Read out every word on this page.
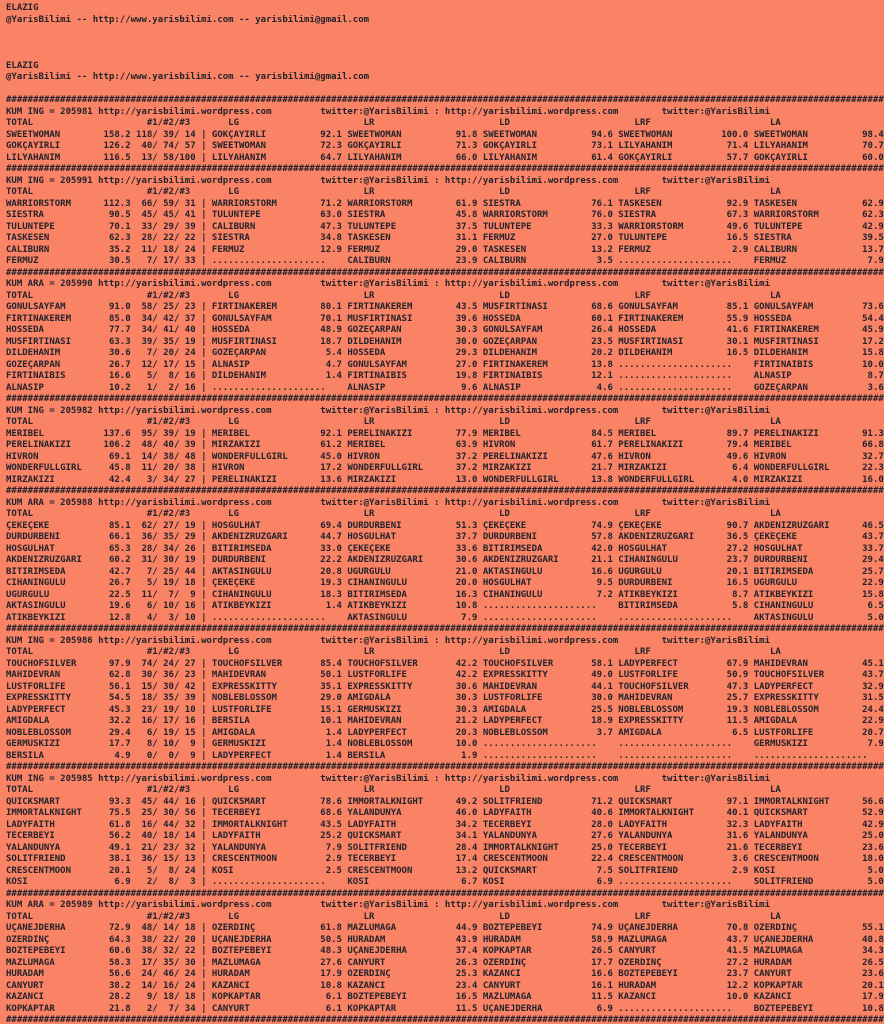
ELAZIG
@YarisBilimi -- http://www.yarisbilimi.com -- yarisbilimi@gmail.com
ELAZIG
@YarisBilimi -- http://www.yarisbilimi.com -- yarisbilimi@gmail.com
##################################################################################################################################################################
KUM ING = 205981 http://yarisbilimi.wordpress.com         twitter:@YarisBilimi : http://yarisbilimi.wordpress.com        twitter:@YarisBilimi
TOTAL                     #1/#2/#3       LG                       LR                       LD                       LRF                      LA
SWEETWOMAN        158.2 118/ 39/ 14 | GÖKÇAYIRLI          92.1 SWEETWOMAN          91.8 SWEETWOMAN          94.6 SWEETWOMAN         100.0 SWEETWOMAN          98.4
GÖKÇAYIRLI        126.2  40/ 74/ 57 | SWEETWOMAN          72.3 GÖKÇAYIRLI          71.3 GÖKÇAYIRLI          73.1 LILYAHANIM          71.4 LILYAHANIM          70.7
LILYAHANIM        116.5  13/ 58/100 | LILYAHANIM          64.7 LILYAHANIM          66.0 LILYAHANIM          61.4 GÖKÇAYIRLI          57.7 GÖKÇAYIRLI          60.0
##################################################################################################################################################################
KUM ING = 205991 http://yarisbilimi.wordpress.com         twitter:@YarisBilimi : http://yarisbilimi.wordpress.com        twitter:@YarisBilimi
TOTAL                     #1/#2/#3       LG                       LR                       LD                       LRF                      LA
WARRIORSTORM      112.3  66/ 59/ 31 | WARRIORSTORM        71.2 WARRIORSTORM        61.9 SIESTRA             76.1 TASKESEN            92.9 TASKESEN            62.9
SIESTRA            90.5  45/ 45/ 41 | TÜLÜNTEPE           63.0 SIESTRA             45.8 WARRIORSTORM        76.0 SIESTRA             67.3 WARRIORSTORM        62.3
TÜLÜNTEPE          70.1  33/ 29/ 39 | CALIBURN            47.3 TÜLÜNTEPE           37.5 TÜLÜNTEPE           33.3 WARRIORSTORM        49.6 TÜLÜNTEPE           42.9
TASKESEN           62.3  28/ 22/ 22 | SIESTRA             34.8 TASKESEN            31.1 FERMUZ              27.0 TÜLÜNTEPE           16.5 SIESTRA             39.5
CALIBURN           35.2  11/ 18/ 24 | FERMUZ              12.9 FERMUZ              29.0 TASKESEN            13.2 FERMUZ               2.9 CALIBURN            13.7
FERMUZ             30.5   7/ 17/ 33 | .....................    CALIBURN            23.9 CALIBURN             3.5 .....................    FERMUZ               7.9
##################################################################################################################################################################
KUM ARA = 205990 http://yarisbilimi.wordpress.com         twitter:@YarisBilimi : http://yarisbilimi.wordpress.com        twitter:@YarisBilimi
TOTAL                     #1/#2/#3       LG                       LR                       LD                       LRF                      LA
GÖNÜLSAYFAM        91.0  58/ 25/ 23 | FIRTINAKEREM        80.1 FIRTINAKEREM        43.5 MUSFIRTINASI        68.6 GÖNÜLSAYFAM         85.1 GÖNÜLSAYFAM         73.6
FIRTINAKEREM       85.0  34/ 42/ 37 | GÖNÜLSAYFAM         70.1 MUSFIRTINASI        39.6 HOSSEDA             60.1 FIRTINAKEREM        55.9 HOSSEDA             54.4
HOSSEDA            77.7  34/ 41/ 40 | HOSSEDA             48.9 GÖZEÇARPAN          30.3 GÖNÜLSAYFAM         26.4 HOSSEDA             41.6 FIRTINAKEREM        45.9
MUSFIRTINASI       63.3  39/ 35/ 19 | MUSFIRTINASI        18.7 DILDEHANIM          30.0 GÖZEÇARPAN          23.5 MUSFIRTINASI        30.1 MUSFIRTINASI        17.2
DILDEHANIM         30.6   7/ 20/ 24 | GÖZEÇARPAN           5.4 HOSSEDA             29.3 DILDEHANIM          20.2 DILDEHANIM          16.5 DILDEHANIM          15.8
GÖZEÇARPAN         26.7  12/ 17/ 15 | ALNASIP              4.7 GÖNÜLSAYFAM         27.0 FIRTINAKEREM        13.8 .....................    FIRTINAIBIS         10.0
FIRTINAIBIS        16.6   5/  8/ 16 | DILDEHANIM           1.4 FIRTINAIBIS         19.8 FIRTINAIBIS         12.1 .....................    ALNASIP              8.7
ALNASIP            10.2   1/  2/ 16 | .....................    ALNASIP              9.6 ALNASIP              4.6 .....................    GÖZEÇARPAN           3.6
##################################################################################################################################################################
KUM ING = 205982 http://yarisbilimi.wordpress.com         twitter:@YarisBilimi : http://yarisbilimi.wordpress.com        twitter:@YarisBilimi
TOTAL                     #1/#2/#3       LG                       LR                       LD                       LRF                      LA
MERIBEL           137.6  95/ 39/ 19 | MERIBEL             92.1 PERELINAKIZI        77.9 MERIBEL             84.5 MERIBEL             89.7 PERELINAKIZI        91.3
PERELINAKIZI      106.2  48/ 40/ 39 | MIRZAKIZI           61.2 MERIBEL             63.9 HIVRON              61.7 PERELINAKIZI        79.4 MERIBEL             66.8
HIVRON             69.1  14/ 38/ 48 | WONDERFULLGIRL      45.0 HIVRON              37.2 PERELINAKIZI        47.6 HIVRON              49.6 HIVRON              32.7
WONDERFULLGIRL     45.8  11/ 20/ 38 | HIVRON              17.2 WONDERFULLGIRL      37.2 MIRZAKIZI           21.7 MIRZAKIZI            6.4 WONDERFULLGIRL      22.3
MIRZAKIZI          42.4   3/ 34/ 27 | PERELINAKIZI        13.6 MIRZAKIZI           13.0 WONDERFULLGIRL      13.8 WONDERFULLGIRL       4.0 MIRZAKIZI           16.0
##################################################################################################################################################################
KUM ARA = 205988 http://yarisbilimi.wordpress.com         twitter:@YarisBilimi : http://yarisbilimi.wordpress.com        twitter:@YarisBilimi
TOTAL                     #1/#2/#3       LG                       LR                       LD                       LRF                      LA
ÇEKEÇEKE           85.1  62/ 27/ 19 | HOSGÜLHAT           69.4 DURDURBENI          51.3 ÇEKEÇEKE            74.9 ÇEKEÇEKE            90.7 AKDENIZRÜZGARI      46.5
DURDURBENI         66.1  36/ 35/ 29 | AKDENIZRÜZGARI      44.7 HOSGÜLHAT           37.7 DURDURBENI          57.8 AKDENIZRÜZGARI      36.5 ÇEKEÇEKE            43.7
HOSGÜLHAT          65.3  28/ 34/ 26 | BITIRIMSEDA         33.0 ÇEKEÇEKE            33.6 BITIRIMSEDA         42.0 HOSGÜLHAT           27.2 HOSGÜLHAT           33.7
AKDENIZRÜZGARI     60.2  31/ 30/ 19 | DURDURBENI          22.2 AKDENIZRÜZGARI      30.6 AKDENIZRÜZGARI      21.1 CIHANINGÜLÜ         23.7 DURDURBENI          29.4
BITIRIMSEDA        42.7   7/ 25/ 44 | AKTASINGÜLÜ         20.8 UGURGÜLÜ            21.0 AKTASINGÜLÜ         16.6 UGURGÜLÜ            20.1 BITIRIMSEDA         25.7
CIHANINGÜLÜ        26.7   5/ 19/ 18 | ÇEKEÇEKE            19.3 CIHANINGÜLÜ         20.0 HOSGÜLHAT            9.5 DURDURBENI          16.5 UGURGÜLÜ            22.9
UGURGÜLÜ           22.5  11/  7/  9 | CIHANINGÜLÜ         18.3 BITIRIMSEDA         16.3 CIHANINGÜLÜ          7.2 ATIKBEYKIZI          8.7 ATIKBEYKIZI         15.8
AKTASINGÜLÜ        19.6   6/ 10/ 16 | ATIKBEYKIZI          1.4 ATIKBEYKIZI         10.8 .....................    BITIRIMSEDA          5.8 CIHANINGÜLÜ          6.5
ATIKBEYKIZI        12.8   4/  3/ 10 | .....................    AKTASINGÜLÜ          7.9 .....................    .....................    AKTASINGÜLÜ          5.0
##################################################################################################################################################################
KUM ING = 205986 http://yarisbilimi.wordpress.com         twitter:@YarisBilimi : http://yarisbilimi.wordpress.com        twitter:@YarisBilimi
TOTAL                     #1/#2/#3       LG                       LR                       LD                       LRF                      LA
TOUCHOFSILVER      97.9  74/ 24/ 27 | TOUCHOFSILVER       85.4 TOUCHOFSILVER       42.2 TOUCHOFSILVER       58.1 LADYPERFECT         67.9 MAHIDEVRAN          45.1
MAHIDEVRAN         62.8  30/ 36/ 23 | MAHIDEVRAN          50.1 LUSTFORLIFE         42.2 EXPRESSKITTY        49.0 LUSTFORLIFE         50.9 TOUCHOFSILVER       43.7
LUSTFORLIFE        56.1  15/ 30/ 42 | EXPRESSKITTY        35.1 EXPRESSKITTY        30.6 MAHIDEVRAN          44.1 TOUCHOFSILVER       47.3 LADYPERFECT         32.9
EXPRESSKITTY       54.5  18/ 35/ 39 | NOBLEBLOSSOM        29.0 AMIGDALA            30.3 LUSTFORLIFE         30.0 MAHIDEVRAN          25.7 EXPRESSKITTY        31.5
LADYPERFECT        45.3  23/ 19/ 10 | LUSTFORLIFE         15.1 GERMUSKIZI          30.3 AMIGDALA            25.5 NOBLEBLOSSOM        19.3 NOBLEBLOSSOM        24.4
AMIGDALA           32.2  16/ 17/ 16 | BERSILA             10.1 MAHIDEVRAN          21.2 LADYPERFECT         18.9 EXPRESSKITTY        11.5 AMIGDALA            22.9
NOBLEBLOSSOM       29.4   6/ 19/ 15 | AMIGDALA             1.4 LADYPERFECT         20.3 NOBLEBLOSSOM         3.7 AMIGDALA             6.5 LUSTFORLIFE         20.7
GERMUSKIZI         17.7   8/ 10/  9 | GERMUSKIZI           1.4 NOBLEBLOSSOM        10.0 .....................    .....................    GERMUSKIZI           7.9
BERSILA             4.9   0/  0/  9 | LADYPERFECT          1.4 BERSILA              1.9 .....................    .....................    .....................
##################################################################################################################################################################
KUM ING = 205985 http://yarisbilimi.wordpress.com         twitter:@YarisBilimi : http://yarisbilimi.wordpress.com        twitter:@YarisBilimi
TOTAL                     #1/#2/#3       LG                       LR                       LD                       LRF                      LA
QUICKSMART         93.3  45/ 44/ 16 | QUICKSMART          78.6 IMMORTALKNIGHT      49.2 SOLITFRIEND         71.2 QUICKSMART          97.1 IMMORTALKNIGHT      56.6
IMMORTALKNIGHT     75.5  25/ 30/ 56 | TECERBEYI           68.6 YALANDÜNYA          46.0 LADYFAITH           40.6 IMMORTALKNIGHT      40.1 QUICKSMART          52.9
LADYFAITH          61.8  16/ 44/ 32 | IMMORTALKNIGHT      43.5 LADYFAITH           34.2 TECERBEYI           28.0 LADYFAITH           32.3 LADYFAITH           42.9
TECERBEYI          56.2  40/ 18/ 14 | LADYFAITH           25.2 QUICKSMART          34.1 YALANDÜNYA          27.6 YALANDÜNYA          31.6 YALANDÜNYA          25.0
YALANDÜNYA         49.1  21/ 23/ 32 | YALANDÜNYA           7.9 SOLITFRIEND         28.4 IMMORTALKNIGHT      25.0 TECERBEYI           21.6 TECERBEYI           23.6
SOLITFRIEND        38.1  36/ 15/ 13 | CRESCENTMOON         2.9 TECERBEYI           17.4 CRESCENTMOON        22.4 CRESCENTMOON         3.6 CRESCENTMOON        18.0
CRESCENTMOON       20.1   5/  8/ 24 | KOSI                 2.5 CRESCENTMOON        13.2 QUICKSMART           7.5 SOLITFRIEND          2.9 KOSI                 5.0
KOSI                6.9   2/  8/  3 | .....................    KOSI                 6.7 KOSI                 6.9 .....................    SOLITFRIEND          5.0
##################################################################################################################################################################
KUM ARA = 205989 http://yarisbilimi.wordpress.com         twitter:@YarisBilimi : http://yarisbilimi.wordpress.com        twitter:@YarisBilimi
TOTAL                     #1/#2/#3       LG                       LR                       LD                       LRF                      LA
UÇANEJDERHA        72.9  48/ 14/ 18 | ÖZERDINÇ            61.8 MAZLUMAGA           44.9 BOZTEPEBEYI         74.9 UÇANEJDERHA         70.8 ÖZERDINÇ            55.1
ÖZERDINÇ           64.3  38/ 22/ 20 | UÇANEJDERHA         50.5 HÜRADAM             43.9 HÜRADAM             58.9 MAZLUMAGA           43.7 UÇANEJDERHA         40.8
BOZTEPEBEYI        60.6  38/ 32/ 22 | BOZTEPEBEYI         48.3 UÇANEJDERHA         37.4 KOPKAPTAR           26.5 CANYURT             41.5 MAZLUMAGA           34.3
MAZLUMAGA          58.3  17/ 35/ 30 | MAZLUMAGA           27.6 CANYURT             26.3 ÖZERDINÇ            17.7 ÖZERDINÇ            27.2 HÜRADAM             26.5
HÜRADAM            56.6  24/ 46/ 24 | HÜRADAM             17.9 ÖZERDINÇ            25.3 KAZANCI             16.6 BOZTEPEBEYI         23.7 CANYURT             23.6
CANYURT            38.2  14/ 16/ 24 | KAZANCI             10.8 KAZANCI             23.4 CANYURT             16.1 HÜRADAM             12.2 KOPKAPTAR           20.1
KAZANCI            28.2   9/ 18/ 18 | KOPKAPTAR            6.1 BOZTEPEBEYI         16.5 MAZLUMAGA           11.5 KAZANCI             10.0 KAZANCI             17.9
KOPKAPTAR          21.8   2/  7/ 34 | CANYURT              6.1 KOPKAPTAR           11.5 UÇANEJDERHA          6.9 .....................    BOZTEPEBEYI         10.8
##################################################################################################################################################################
